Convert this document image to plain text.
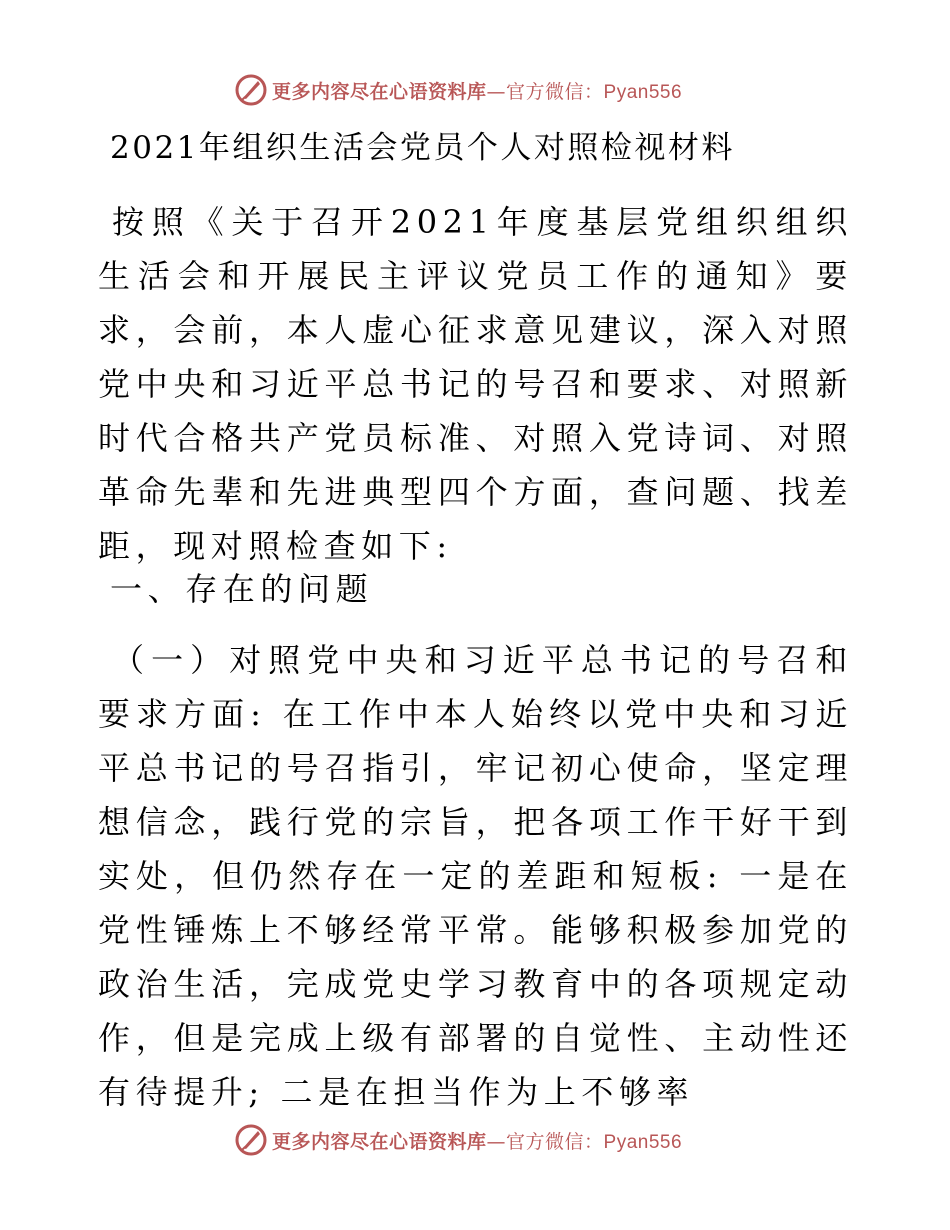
更多内容尽在心语资料库—官方微信：Pyan556
2021年组织生活会党员个人对照检视材料

按照《关于召开2021年度基层党组织组织生活会和开展民主评议党员工作的通知》要求，会前，本人虚心征求意见建议，深入对照党中央和习近平总书记的号召和要求、对照新时代合格共产党员标准、对照入党诗词、对照革命先辈和先进典型四个方面，查问题、找差距，现对照检查如下:

一、存在的问题

（一）对照党中央和习近平总书记的号召和要求方面: 在工作中本人始终以党中央和习近平总书记的号召指引，牢记初心使命，坚定理想信念，践行党的宗旨，把各项工作干好干到实处，但仍然存在一定的差距和短板: 一是在党性锤炼上不够经常平常。能够积极参加党的政治生活，完成党史学习教育中的各项规定动作，但是完成上级有部署的自觉性、主动性还有待提升; 二是在担当作为上不够率

更多内容尽在心语资料库—官方微信：Pyan556
